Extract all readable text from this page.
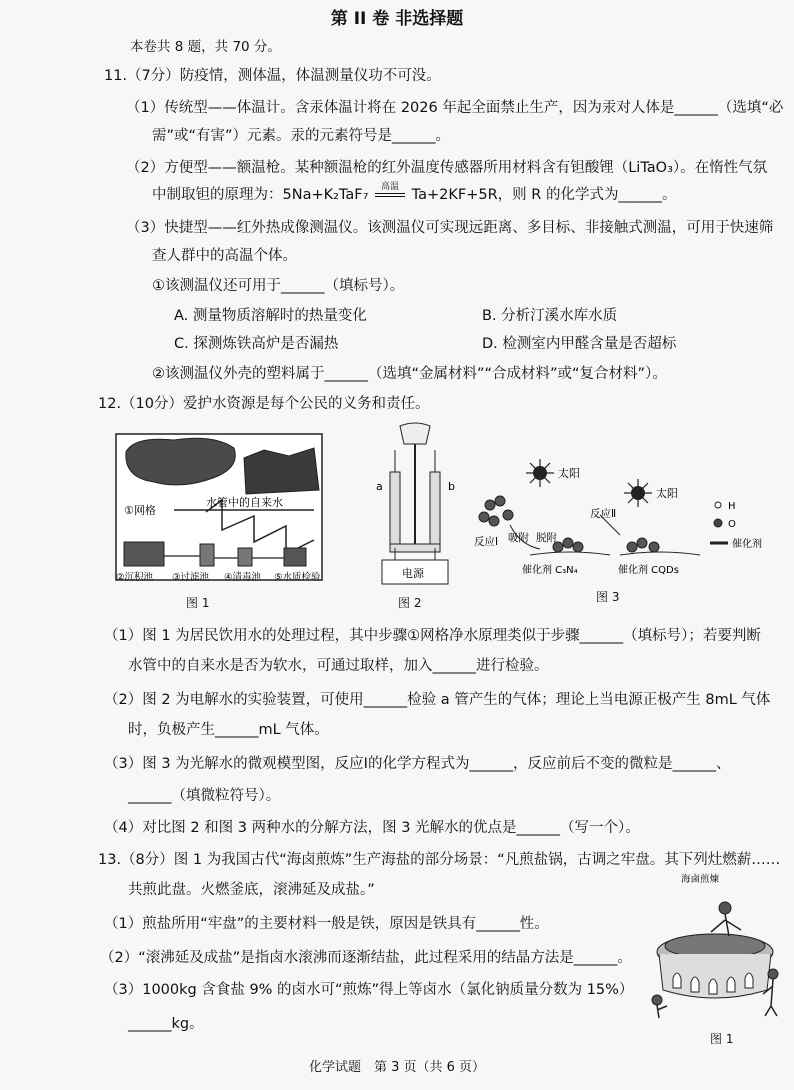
第 II 卷 非选择题
本卷共 8 题，共 70 分。
11.（7分）防疫情，测体温，体温测量仪功不可没。
（1）传统型——体温计。含汞体温计将在 2026 年起全面禁止生产，因为汞对人体是______（选填“必
需”或“有害”）元素。汞的元素符号是______。
（2）方便型——额温枪。某种额温枪的红外温度传感器所用材料含有钽酸锂（LiTaO₃）。在惰性气氛
中制取钽的原理为：5Na+K₂TaF₇	高温 Ta+2KF+5R，则 R 的化学式为______。
（3）快捷型——红外热成像测温仪。该测温仪可实现远距离、多目标、非接触式测温，可用于快速筛
查人群中的高温个体。
①该测温仪还可用于______（填标号）。
A. 测量物质溶解时的热量变化	B. 分析汀溪水库水质
C. 探测炼铁高炉是否漏热	D. 检测室内甲醛含量是否超标
②该测温仪外壳的塑料属于______（选填“金属材料”“合成材料”或“复合材料”）。
12.（10分）爱护水资源是每个公民的义务和责任。
水管中的自来水
①网格
②沉积池 ③过滤池 ④清毒池 ⑤水质检验
图 1
a	b
电源
图 2
太阳
太阳
反应Ⅰ 吸附 脱附
反应Ⅱ
催化剂 C₃N₄	催化剂 CQDs
H
O
催化剂
图 3
（1）图 1 为居民饮用水的处理过程，其中步骤①网格净水原理类似于步骤______（填标号）；若要判断
水管中的自来水是否为软水，可通过取样，加入______进行检验。
（2）图 2 为电解水的实验装置，可使用______检验 a 管产生的气体；理论上当电源正极产生 8mL 气体
时，负极产生______mL 气体。
（3）图 3 为光解水的微观模型图，反应Ⅰ的化学方程式为______，反应前后不变的微粒是______、
______（填微粒符号）。
（4）对比图 2 和图 3 两种水的分解方法，图 3 光解水的优点是______（写一个）。
13.（8分）图 1 为我国古代“海卤煎炼”生产海盐的部分场景：“凡煎盐锅，古调之牢盘。其下列灶燃薪……
共煎此盘。火燃釜底，滚沸延及成盐。”
（1）煎盐所用“牢盘”的主要材料一般是铁，原因是铁具有______性。
（2）“滚沸延及成盐”是指卤水滚沸而逐渐结盐，此过程采用的结晶方法是______。
（3）1000kg 含食盐 9% 的卤水可“煎炼”得上等卤水（氯化钠质量分数为 15%）
______kg。
海鹵煎煉
图 1
化学试题　第 3 页（共 6 页）
